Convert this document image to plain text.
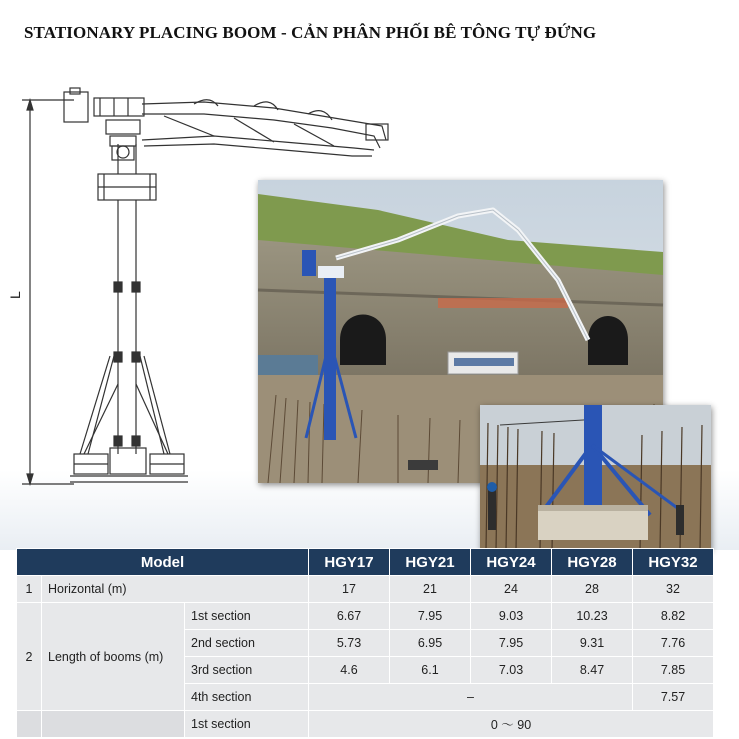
STATIONARY PLACING BOOM - CẢN PHÂN PHỐI BÊ TÔNG TỰ ĐỨNG
L
Model			HGY17	HGY21	HGY24	HGY28	HGY32
1	Horizontal (m)		17	21	24	28	32
2	Length of booms (m)	1st section	6.67	7.95	9.03	10.23	8.82
		2nd section	5.73	6.95	7.95	9.31	7.76
		3rd section	4.6	6.1	7.03	8.47	7.85
		4th section	–				7.57
		1st section	0 ～ 90				
